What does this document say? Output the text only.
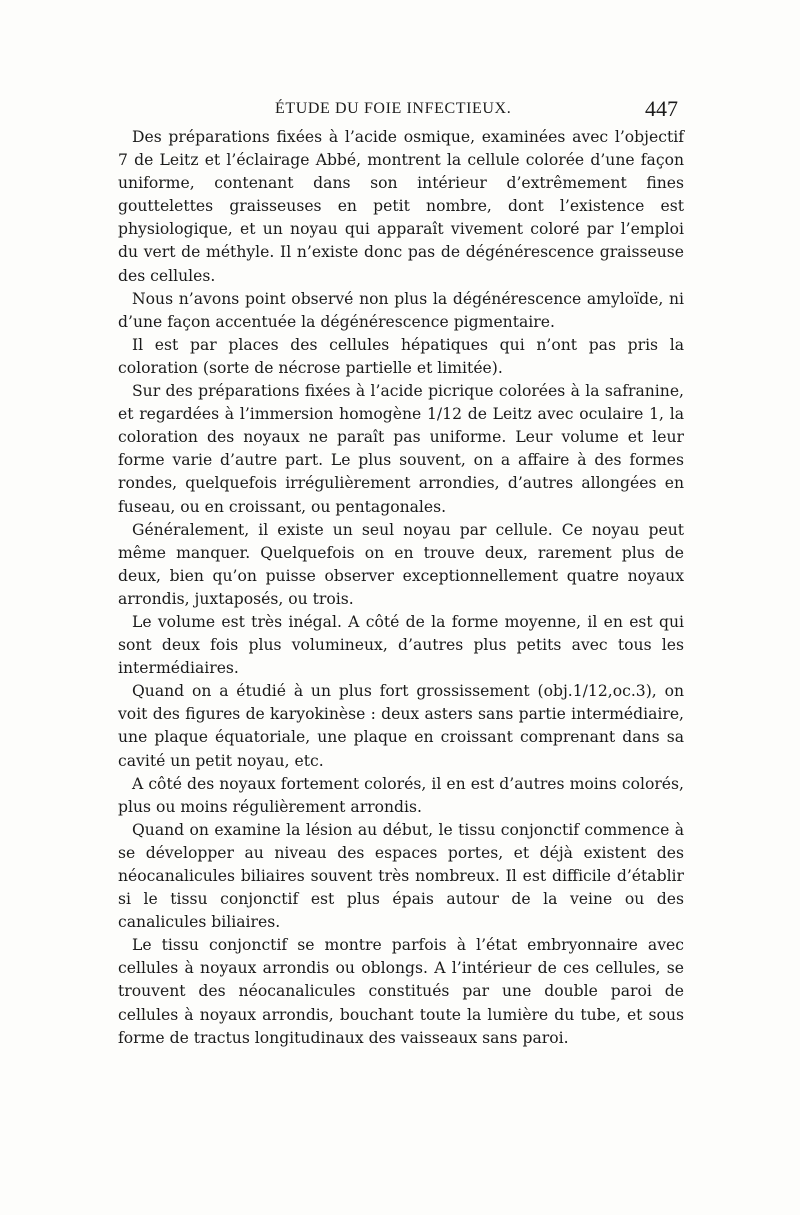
ÉTUDE DU FOIE INFECTIEUX.	447

Des préparations fixées à l’acide osmique, examinées avec l’objectif 7 de Leitz et l’éclairage Abbé, montrent la cellule colorée d’une façon uniforme, contenant dans son intérieur d’extrêmement fines gouttelettes graisseuses en petit nombre, dont l’existence est physiologique, et un noyau qui apparaît vivement coloré par l’emploi du vert de méthyle. Il n’existe donc pas de dégénérescence graisseuse des cellules.

Nous n’avons point observé non plus la dégénérescence amyloïde, ni d’une façon accentuée la dégénérescence pigmentaire.

Il est par places des cellules hépatiques qui n’ont pas pris la coloration (sorte de nécrose partielle et limitée).

Sur des préparations fixées à l’acide picrique colorées à la safranine, et regardées à l’immersion homogène 1/12 de Leitz avec oculaire 1, la coloration des noyaux ne paraît pas uniforme. Leur volume et leur forme varie d’autre part. Le plus souvent, on a affaire à des formes rondes, quelquefois irrégulièrement arrondies, d’autres allongées en fuseau, ou en croissant, ou pentagonales.

Généralement, il existe un seul noyau par cellule. Ce noyau peut même manquer. Quelquefois on en trouve deux, rarement plus de deux, bien qu’on puisse observer exceptionnellement quatre noyaux arrondis, juxtaposés, ou trois.

Le volume est très inégal. A côté de la forme moyenne, il en est qui sont deux fois plus volumineux, d’autres plus petits avec tous les intermédiaires.

Quand on a étudié à un plus fort grossissement (obj.1/12,oc.3), on voit des figures de karyokinèse : deux asters sans partie intermédiaire, une plaque équatoriale, une plaque en croissant comprenant dans sa cavité un petit noyau, etc.

A côté des noyaux fortement colorés, il en est d’autres moins colorés, plus ou moins régulièrement arrondis.

Quand on examine la lésion au début, le tissu conjonctif commence à se développer au niveau des espaces portes, et déjà existent des néocanalicules biliaires souvent très nombreux. Il est difficile d’établir si le tissu conjonctif est plus épais autour de la veine ou des canalicules biliaires.

Le tissu conjonctif se montre parfois à l’état embryonnaire avec cellules à noyaux arrondis ou oblongs. A l’intérieur de ces cellules, se trouvent des néocanalicules constitués par une double paroi de cellules à noyaux arrondis, bouchant toute la lumière du tube, et sous forme de tractus longitudinaux des vaisseaux sans paroi.
